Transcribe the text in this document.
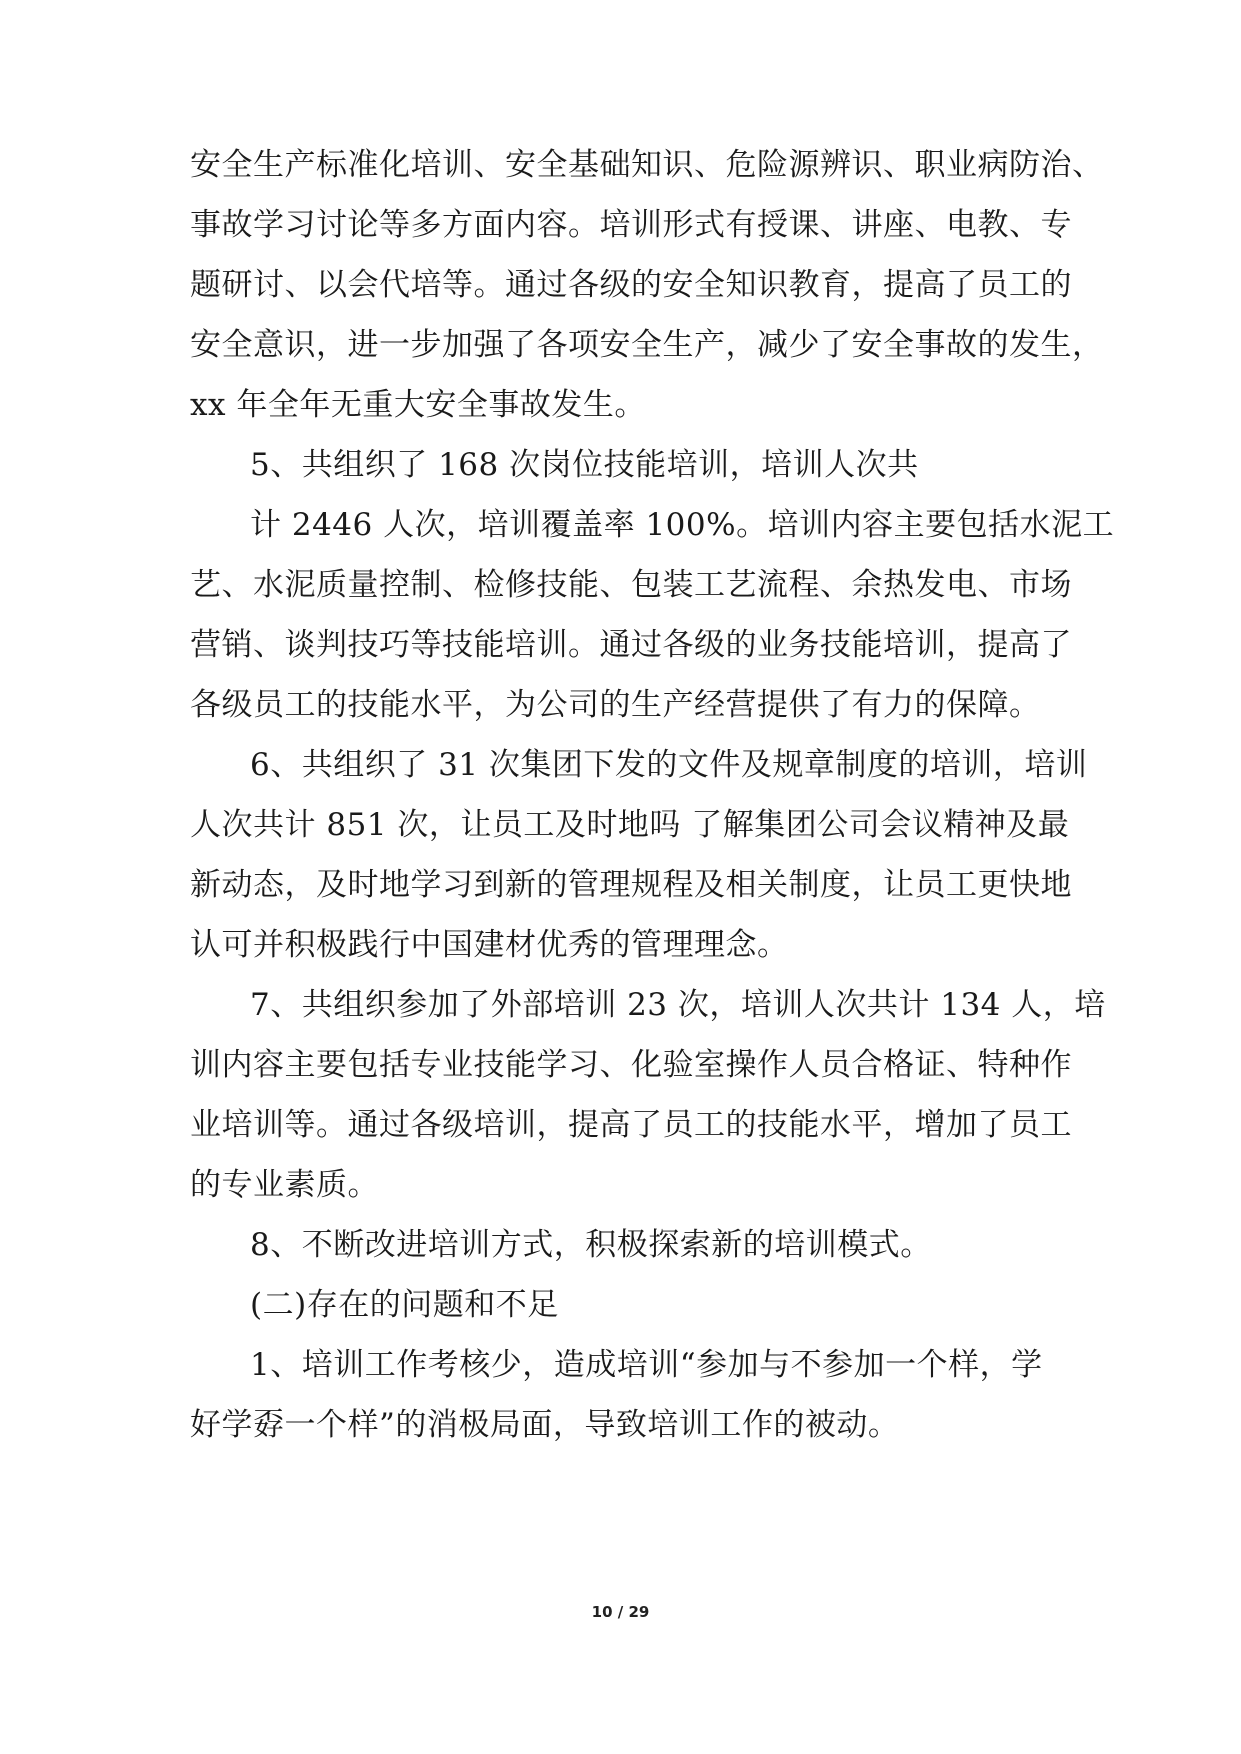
安全生产标准化培训、安全基础知识、危险源辨识、职业病防治、
事故学习讨论等多方面内容。培训形式有授课、讲座、电教、专
题研讨、以会代培等。通过各级的安全知识教育，提高了员工的
安全意识，进一步加强了各项安全生产，减少了安全事故的发生，
xx 年全年无重大安全事故发生。
5、共组织了 168 次岗位技能培训，培训人次共
计 2446 人次，培训覆盖率 100%。培训内容主要包括水泥工
艺、水泥质量控制、检修技能、包装工艺流程、余热发电、市场
营销、谈判技巧等技能培训。通过各级的业务技能培训，提高了
各级员工的技能水平，为公司的生产经营提供了有力的保障。
6、共组织了 31 次集团下发的文件及规章制度的培训，培训
人次共计 851 次，让员工及时地吗 了解集团公司会议精神及最
新动态，及时地学习到新的管理规程及相关制度，让员工更快地
认可并积极践行中国建材优秀的管理理念。
7、共组织参加了外部培训 23 次，培训人次共计 134 人，培
训内容主要包括专业技能学习、化验室操作人员合格证、特种作
业培训等。通过各级培训，提高了员工的技能水平，增加了员工
的专业素质。
8、不断改进培训方式，积极探索新的培训模式。
(二)存在的问题和不足
1、培训工作考核少，造成培训“参加与不参加一个样，学
好学孬一个样”的消极局面，导致培训工作的被动。
10 / 29
